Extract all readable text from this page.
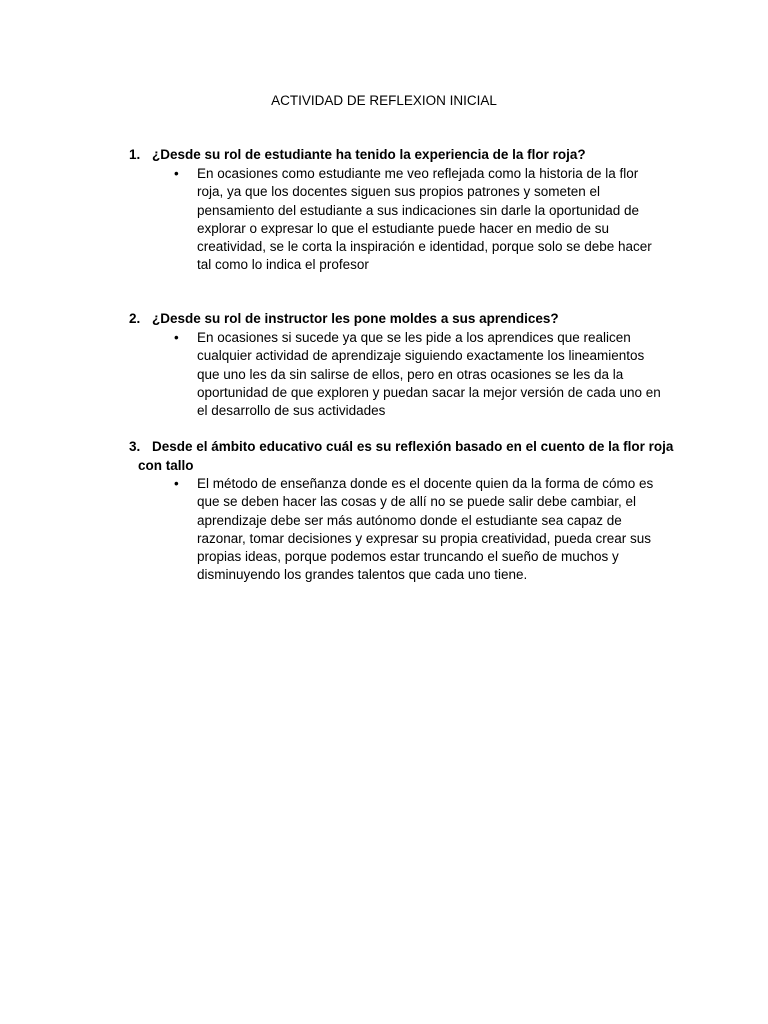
ACTIVIDAD DE REFLEXION INICIAL
1. ¿Desde su rol de estudiante ha tenido la experiencia de la flor roja?
•	En ocasiones como estudiante me veo reflejada como la historia de la flor roja, ya que los docentes siguen sus propios patrones y someten el pensamiento del estudiante a sus indicaciones sin darle la oportunidad de explorar o expresar lo que el estudiante puede hacer en medio de su creatividad, se le corta la inspiración e identidad, porque solo se debe hacer tal como lo indica el profesor
2. ¿Desde su rol de instructor les pone moldes a sus aprendices?
•	En ocasiones si sucede ya que se les pide a los aprendices que realicen cualquier actividad de aprendizaje siguiendo exactamente los lineamientos que uno les da sin salirse de ellos, pero en otras ocasiones se les da la oportunidad de que exploren y puedan sacar la mejor versión de cada uno en el desarrollo de sus actividades
3. Desde el ámbito educativo cuál es su reflexión basado en el cuento de la flor roja con tallo
•	El método de enseñanza donde es el docente quien da la forma de cómo es que se deben hacer las cosas y de allí no se puede salir debe cambiar, el aprendizaje debe ser más autónomo donde el estudiante sea capaz de razonar, tomar decisiones y expresar su propia creatividad, pueda crear sus propias ideas, porque podemos estar truncando el sueño de muchos y disminuyendo los grandes talentos que cada uno tiene.
